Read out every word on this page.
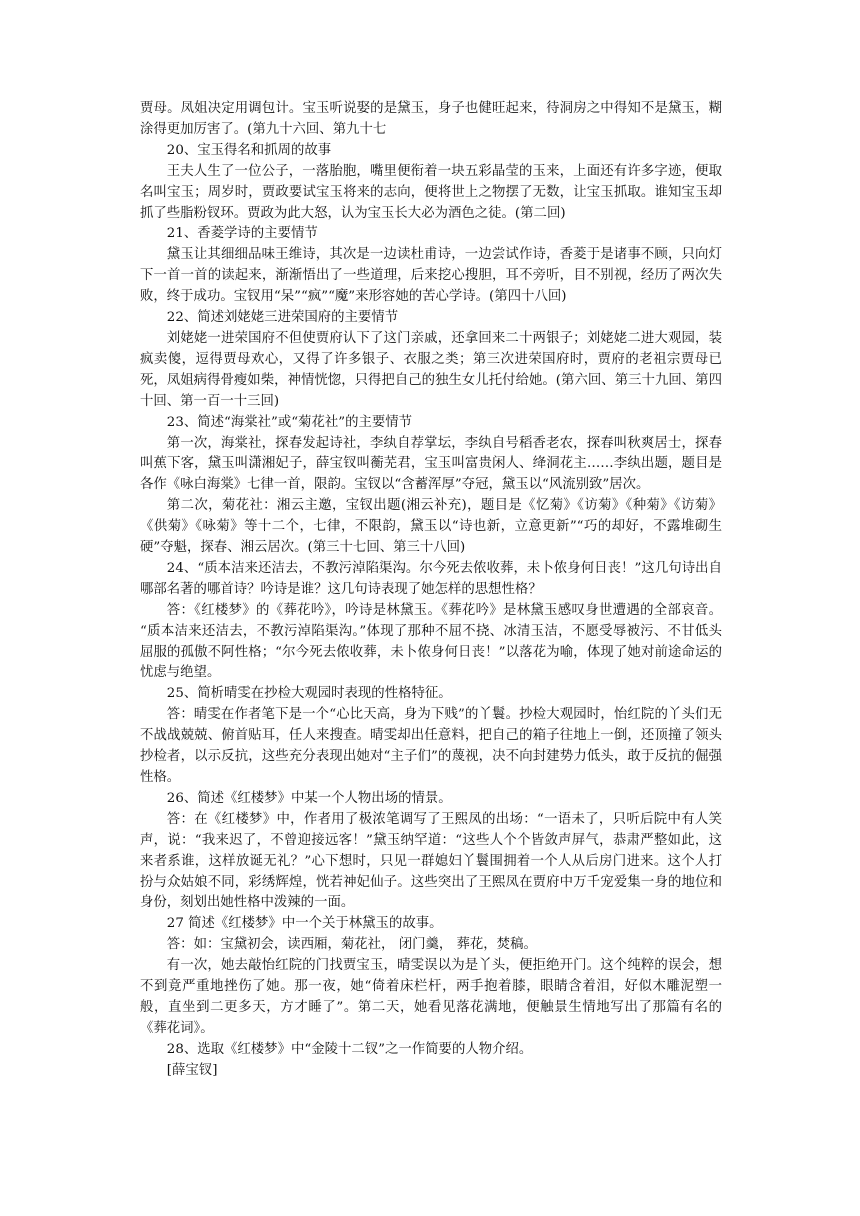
贾母。凤姐决定用调包计。宝玉听说娶的是黛玉，身子也健旺起来，待洞房之中得知不是黛玉，糊涂得更加厉害了。(第九十六回、第九十七

20、宝玉得名和抓周的故事

王夫人生了一位公子，一落胎胞，嘴里便衔着一块五彩晶莹的玉来，上面还有许多字迹，便取名叫宝玉；周岁时，贾政要试宝玉将来的志向，便将世上之物摆了无数，让宝玉抓取。谁知宝玉却抓了些脂粉钗环。贾政为此大怒，认为宝玉长大必为酒色之徒。(第二回)

21、香菱学诗的主要情节

黛玉让其细细品味王维诗，其次是一边读杜甫诗，一边尝试作诗，香菱于是诸事不顾，只向灯下一首一首的读起来，渐渐悟出了一些道理，后来挖心搜胆，耳不旁听，目不别视，经历了两次失败，终于成功。宝钗用“呆”“疯”“魔”来形容她的苦心学诗。(第四十八回)

22、简述刘姥姥三进荣国府的主要情节

刘姥姥一进荣国府不但使贾府认下了这门亲戚，还拿回来二十两银子；刘姥姥二进大观园，装疯卖傻，逗得贾母欢心，又得了许多银子、衣服之类；第三次进荣国府时，贾府的老祖宗贾母已死，凤姐病得骨瘦如柴，神情恍惚，只得把自己的独生女儿托付给她。(第六回、第三十九回、第四十回、第一百一十三回)

23、简述“海棠社”或“菊花社”的主要情节

第一次，海棠社，探春发起诗社，李纨自荐掌坛，李纨自号稻香老农，探春叫秋爽居士，探春叫蕉下客，黛玉叫潇湘妃子，薛宝钗叫蘅芜君，宝玉叫富贵闲人、绛洞花主……李纨出题，题目是各作《咏白海棠》七律一首，限韵。宝钗以“含蓄浑厚”夺冠，黛玉以“风流别致”居次。

第二次，菊花社：湘云主邀，宝钗出题(湘云补充)，题目是《忆菊》《访菊》《种菊》《访菊》《供菊》《咏菊》等十二个，七律，不限韵，黛玉以“诗也新，立意更新”“巧的却好，不露堆砌生硬”夺魁，探春、湘云居次。(第三十七回、第三十八回)

24、“质本洁来还洁去，不教污淖陷渠沟。尔今死去侬收葬，未卜侬身何日丧！”这几句诗出自哪部名著的哪首诗？吟诗是谁？这几句诗表现了她怎样的思想性格？

答：《红楼梦》的《葬花吟》，吟诗是林黛玉。《葬花吟》是林黛玉感叹身世遭遇的全部哀音。 “质本洁来还洁去，不教污淖陷渠沟。”体现了那种不屈不挠、冰清玉洁，不愿受辱被污、不甘低头屈服的孤傲不阿性格；“尔今死去侬收葬，未卜侬身何日丧！”以落花为喻，体现了她对前途命运的忧虑与绝望。

25、简析晴雯在抄检大观园时表现的性格特征。

答：晴雯在作者笔下是一个“心比天高，身为下贱”的丫鬟。抄检大观园时，怡红院的丫头们无不战战兢兢、俯首贴耳，任人来搜查。晴雯却出任意料，把自己的箱子往地上一倒，还顶撞了领头抄检者，以示反抗，这些充分表现出她对“主子们”的蔑视，决不向封建势力低头，敢于反抗的倔强性格。

26、简述《红楼梦》中某一个人物出场的情景。

答：在《红楼梦》中，作者用了极浓笔调写了王熙凤的出场：“一语未了，只听后院中有人笑声，说：“我来迟了，不曾迎接远客！”黛玉纳罕道：“这些人个个皆敛声屏气，恭肃严整如此，这来者系谁，这样放诞无礼？”心下想时，只见一群媳妇丫鬟围拥着一个人从后房门进来。这个人打扮与众姑娘不同，彩绣辉煌，恍若神妃仙子。这些突出了王熙凤在贾府中万千宠爱集一身的地位和身份，刻划出她性格中泼辣的一面。

27 简述《红楼梦》中一个关于林黛玉的故事。

答：如：宝黛初会，读西厢，菊花社， 闭门羹， 葬花，焚稿。

有一次，她去敲怡红院的门找贾宝玉，晴雯误以为是丫头，便拒绝开门。这个纯粹的误会，想不到竟严重地挫伤了她。那一夜，她“倚着床栏杆，两手抱着膝，眼睛含着泪，好似木雕泥塑一般，直坐到二更多天，方才睡了”。第二天，她看见落花满地，便触景生情地写出了那篇有名的《葬花词》。

28、选取《红楼梦》中“金陵十二钗”之一作简要的人物介绍。

[薛宝钗]
